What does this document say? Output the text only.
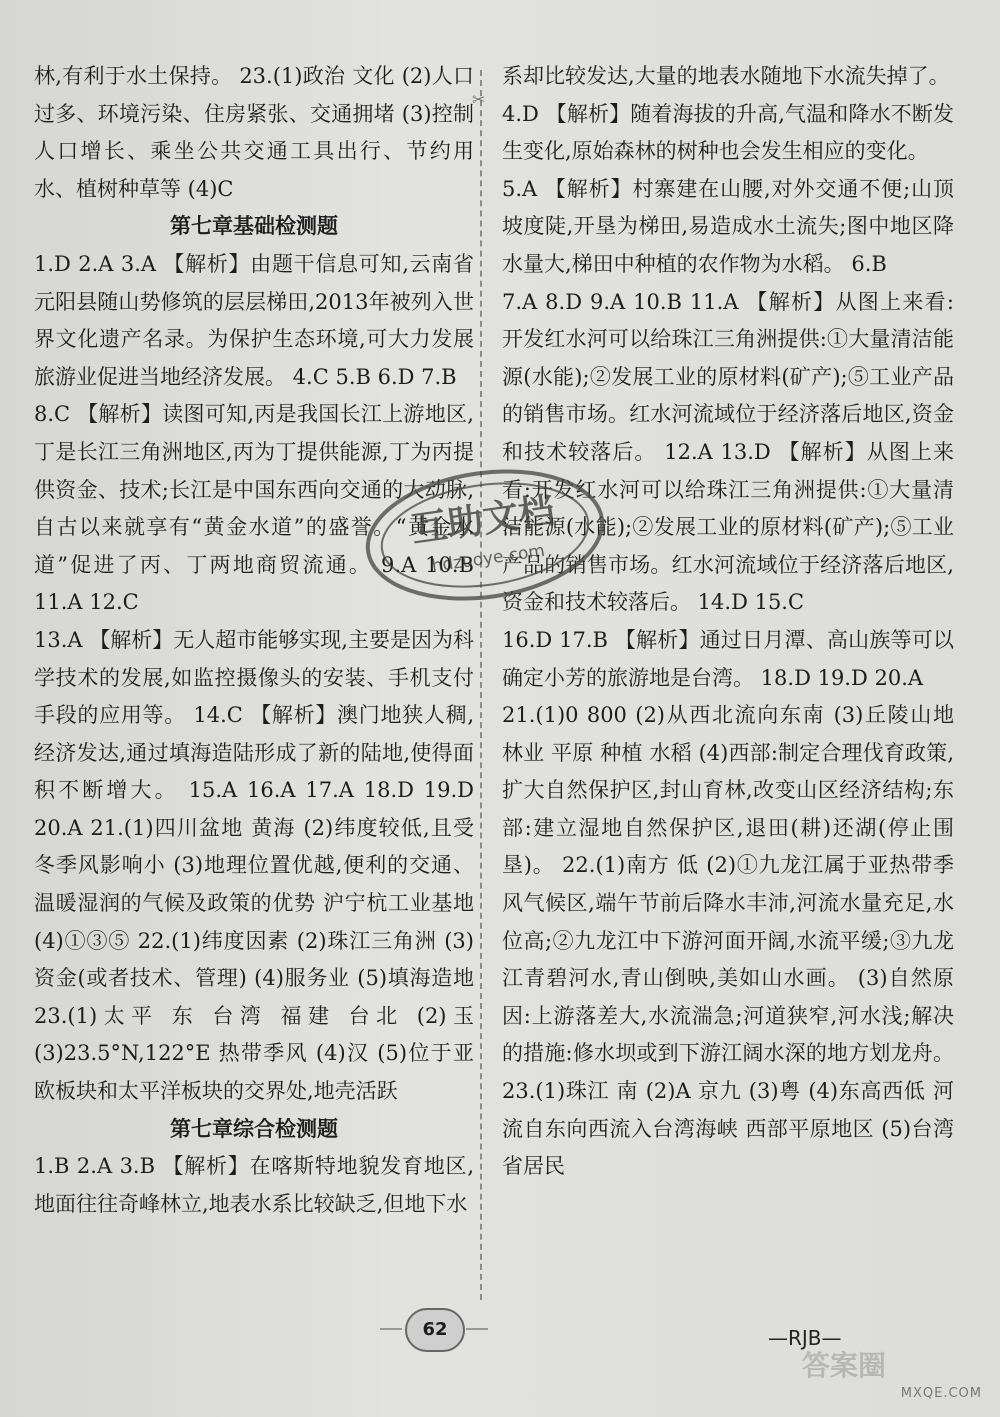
林,有利于水土保持。 23.(1)政治 文化 (2)人口过多、环境污染、住房紧张、交通拥堵 (3)控制人口增长、乘坐公共交通工具出行、节约用水、植树种草等 (4)C

第七章基础检测题

1.D 2.A 3.A 【解析】由题干信息可知,云南省元阳县随山势修筑的层层梯田,2013年被列入世界文化遗产名录。为保护生态环境,可大力发展旅游业促进当地经济发展。 4.C 5.B 6.D 7.B

8.C 【解析】读图可知,丙是我国长江上游地区,丁是长江三角洲地区,丙为丁提供能源,丁为丙提供资金、技术;长江是中国东西向交通的大动脉,自古以来就享有“黄金水道”的盛誉。“黄金水道”促进了丙、丁两地商贸流通。 9.A 10.B 11.A 12.C

13.A 【解析】无人超市能够实现,主要是因为科学技术的发展,如监控摄像头的安装、手机支付手段的应用等。 14.C 【解析】澳门地狭人稠,经济发达,通过填海造陆形成了新的陆地,使得面积不断增大。 15.A 16.A 17.A 18.D 19.D 20.A 21.(1)四川盆地 黄海 (2)纬度较低,且受冬季风影响小 (3)地理位置优越,便利的交通、温暖湿润的气候及政策的优势 沪宁杭工业基地 (4)①③⑤ 22.(1)纬度因素 (2)珠江三角洲 (3)资金(或者技术、管理) (4)服务业 (5)填海造地 23.(1)太平 东 台湾 福建 台北 (2)玉 (3)23.5°N,122°E 热带季风 (4)汉 (5)位于亚欧板块和太平洋板块的交界处,地壳活跃

第七章综合检测题

1.B 2.A 3.B 【解析】在喀斯特地貌发育地区,地面往往奇峰林立,地表水系比较缺乏,但地下水

✂

系却比较发达,大量的地表水随地下水流失掉了。

4.D 【解析】随着海拔的升高,气温和降水不断发生变化,原始森林的树种也会发生相应的变化。

5.A 【解析】村寨建在山腰,对外交通不便;山顶坡度陡,开垦为梯田,易造成水土流失;图中地区降水量大,梯田中种植的农作物为水稻。 6.B

7.A 8.D 9.A 10.B 11.A 【解析】从图上来看:开发红水河可以给珠江三角洲提供:①大量清洁能源(水能);②发展工业的原材料(矿产);⑤工业产品的销售市场。红水河流域位于经济落后地区,资金和技术较落后。 12.A 13.D 【解析】从图上来看:开发红水河可以给珠江三角洲提供:①大量清洁能源(水能);②发展工业的原材料(矿产);⑤工业产品的销售市场。红水河流域位于经济落后地区,资金和技术较落后。 14.D 15.C

16.D 17.B 【解析】通过日月潭、高山族等可以确定小芳的旅游地是台湾。 18.D 19.D 20.A

21.(1)0 800 (2)从西北流向东南 (3)丘陵山地 林业 平原 种植 水稻 (4)西部:制定合理伐育政策,扩大自然保护区,封山育林,改变山区经济结构;东部:建立湿地自然保护区,退田(耕)还湖(停止围垦)。 22.(1)南方 低 (2)①九龙江属于亚热带季风气候区,端午节前后降水丰沛,河流水量充足,水位高;②九龙江中下游河面开阔,水流平缓;③九龙江青碧河水,青山倒映,美如山水画。 (3)自然原因:上游落差大,水流湍急;河道狭窄,河水浅;解决的措施:修水坝或到下游江阔水深的地方划龙舟。 23.(1)珠江 南 (2)A 京九 (3)粤 (4)东高西低 河流自东向西流入台湾海峡 西部平原地区 (5)台湾省居民

互助文档
hdzuoye.com
62	—RJB—
答案圈
MXQE.COM
